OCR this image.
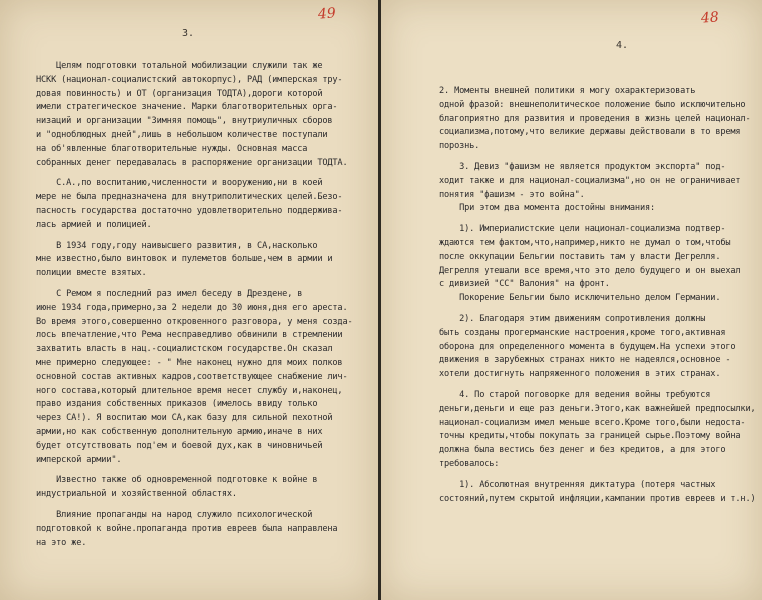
49
3.
Целям подготовки тотальной мобилизации служили так же
НСКК (национал-социалистский автокорпус), РАД (имперская тру-
довая повинность) и ОТ (организация ТОДТА),дороги которой
имели стратегическое значение. Марки благотворительных орга-
низаций и организации "Зимняя помощь", внутриуличных сборов
и "одноблюдных дней",лишь в небольшом количестве поступали
на об'явленные благотворительные нужды. Основная масса
собранных денег передавалась в распоряжение организации ТОДТА.
С.А.,по воспитанию,численности и вооружению,ни в коей
мере не была предназначена для внутриполитических целей.Безо-
пасность государства достаточно удовлетворительно поддержива-
лась армией и полицией.
В 1934 году,году наивысшего развития, в СА,насколько
мне известно,было винтовок и пулеметов больше,чем в армии и
полиции вместе взятых.
С Ремом я последний раз имел беседу в Дрездене, в
июне 1934 года,примерно,за 2 недели до 30 июня,дня его ареста.
Во время этого,совершенно откровенного разговора, у меня созда-
лось впечатление,что Рема несправедливо обвинили в стремлении
захватить власть в нац.-социалистском государстве.Он сказал
мне примерно следующее: - " Мне наконец нужно для моих полков
основной состав активных кадров,соответствующее снабжение лич-
ного состава,который длительное время несет службу и,наконец,
право издания собственных приказов (имелось ввиду только
через СА!). Я воспитаю мои СА,как базу для сильной пехотной
армии,но как собственную дополнительную армию,иначе в них
будет отсутствовать под'ем и боевой дух,как в чиновничьей
имперской армии".
Известно также об одновременной подготовке к войне в
индустриальной и хозяйственной областях.
Влияние пропаганды на народ служило психологической
подготовкой к войне.пропаганда против евреев была направлена
на это же.
48
4.
2. Моменты внешней политики я могу охарактеризовать
одной фразой: внешнеполитическое положение было исключительно
благоприятно для развития и проведения в жизнь целей национал-
социализма,потому,что великие державы действовали в то время
порознь.
3. Девиз "фашизм не является продуктом экспорта" под-
ходит также и для национал-социализма",но он не ограничивает
понятия "фашизм - это война".
При этом два момента достойны внимания:
1). Империалистские цели национал-социализма подтвер-
ждаются тем фактом,что,например,никто не думал о том,чтобы
после оккупации Бельгии поставить там у власти Дегрелля.
Дегрелля утешали все время,что это дело будущего и он выехал
с дивизией "СС" Валония" на фронт.
Покорение Бельгии было исключительно делом Германии.
2). Благодаря этим движениям сопротивления должны
быть созданы прогерманские настроения,кроме того,активная
оборона для определенного момента в будущем.На успехи этого
движения в зарубежных странах никто не надеялся,основное -
хотели достигнуть напряженного положения в этих странах.
4. По старой поговорке для ведения войны требуются
деньги,деньги и еще раз деньги.Этого,как важнейшей предпосылки,
национал-социализм имел меньше всего.Кроме того,были недоста-
точны кредиты,чтобы покупать за границей сырье.Поэтому война
должна была вестись без денег и без кредитов, а для этого
требовалось:
1). Абсолютная внутренняя диктатура (потеря частных
состояний,путем скрытой инфляции,кампании против евреев и т.н.)
